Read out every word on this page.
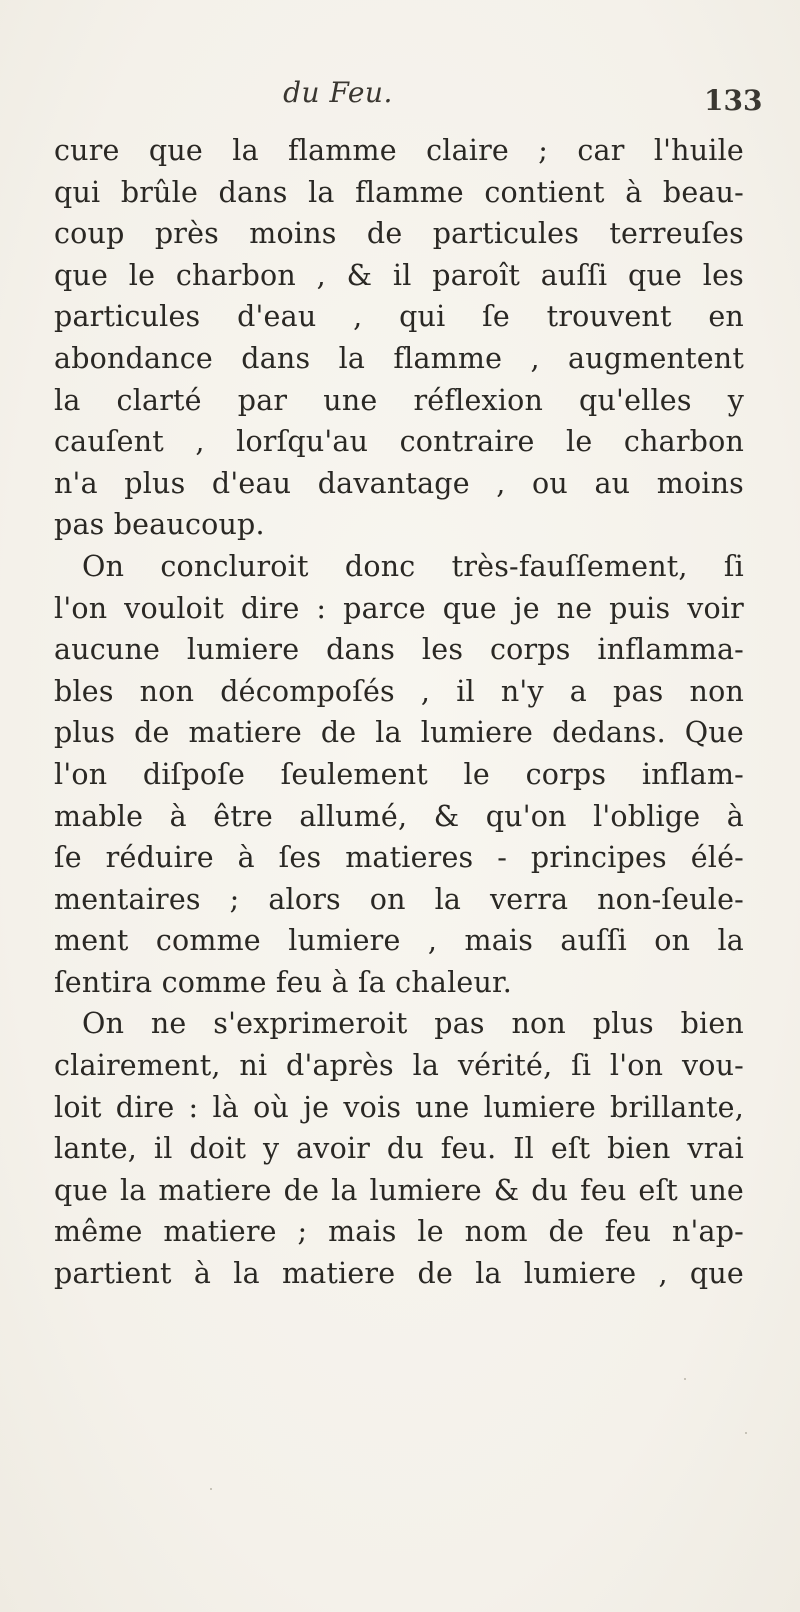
du Feu.	133
cure que la flamme claire ; car l'huile
qui brûle dans la flamme contient à beau-
coup près moins de particules terreuſes
que le charbon , & il paroît auſſi que les
particules d'eau , qui ſe trouvent en
abondance dans la flamme , augmentent
la clarté par une réflexion qu'elles y
cauſent , lorſqu'au contraire le charbon
n'a plus d'eau davantage , ou au moins
pas beaucoup.
On concluroit donc très-fauſſement, ſi
l'on vouloit dire : parce que je ne puis voir
aucune lumiere dans les corps inflamma-
bles non décompoſés , il n'y a pas non
plus de matiere de la lumiere dedans. Que
l'on diſpoſe ſeulement le corps inflam-
mable à être allumé, & qu'on l'oblige à
ſe réduire à ſes matieres - principes élé-
mentaires ; alors on la verra non-ſeule-
ment comme lumiere , mais auſſi on la
ſentira comme feu à ſa chaleur.
On ne s'exprimeroit pas non plus bien
clairement, ni d'après la vérité, ſi l'on vou-
loit dire : là où je vois une lumiere brillante,
lante, il doit y avoir du feu. Il eſt bien vrai
que la matiere de la lumiere & du feu eſt une
même matiere ; mais le nom de feu n'ap-
partient à la matiere de la lumiere , que
